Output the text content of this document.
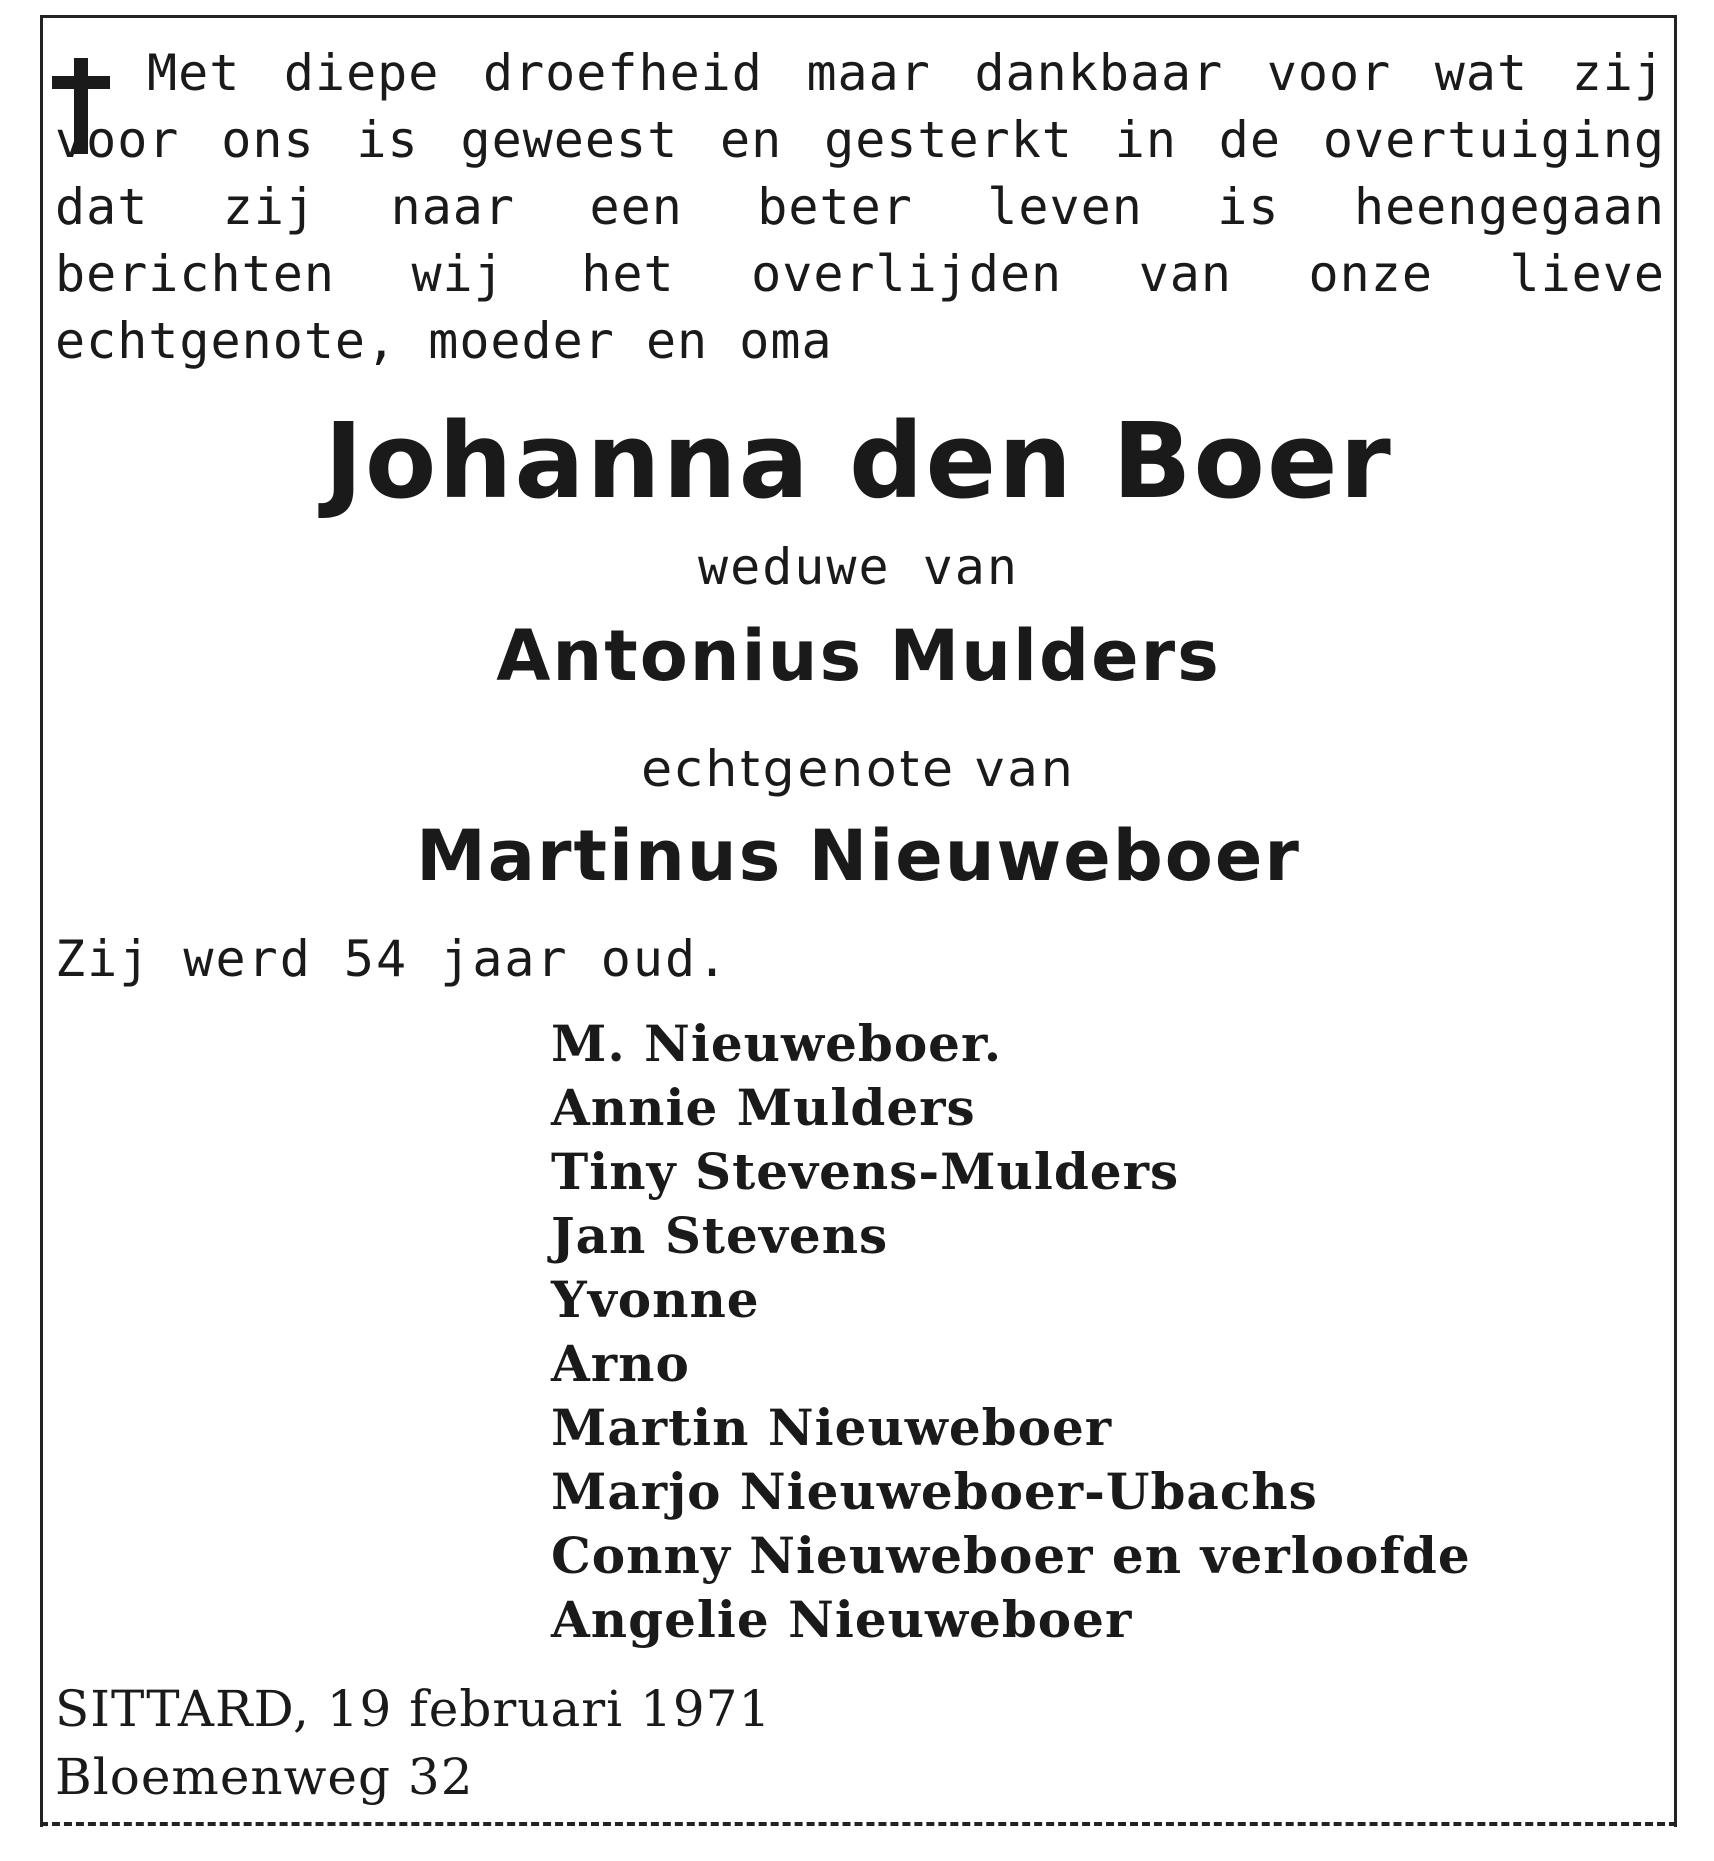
Met diepe droefheid maar dankbaar voor wat zij voor ons is geweest en gesterkt in de overtuiging dat zij naar een beter leven is heengegaan berichten wij het overlijden van onze lieve echtgenote, moeder en oma

Johanna den Boer

weduwe van

Antonius Mulders

echtgenote van

Martinus Nieuweboer

Zij werd 54 jaar oud.

M. Nieuweboer.
Annie Mulders
Tiny Stevens-Mulders
Jan Stevens
Yvonne
Arno
Martin Nieuweboer
Marjo Nieuweboer-Ubachs
Conny Nieuweboer en verloofde
Angelie Nieuweboer

SITTARD, 19 februari 1971

Bloemenweg 32
